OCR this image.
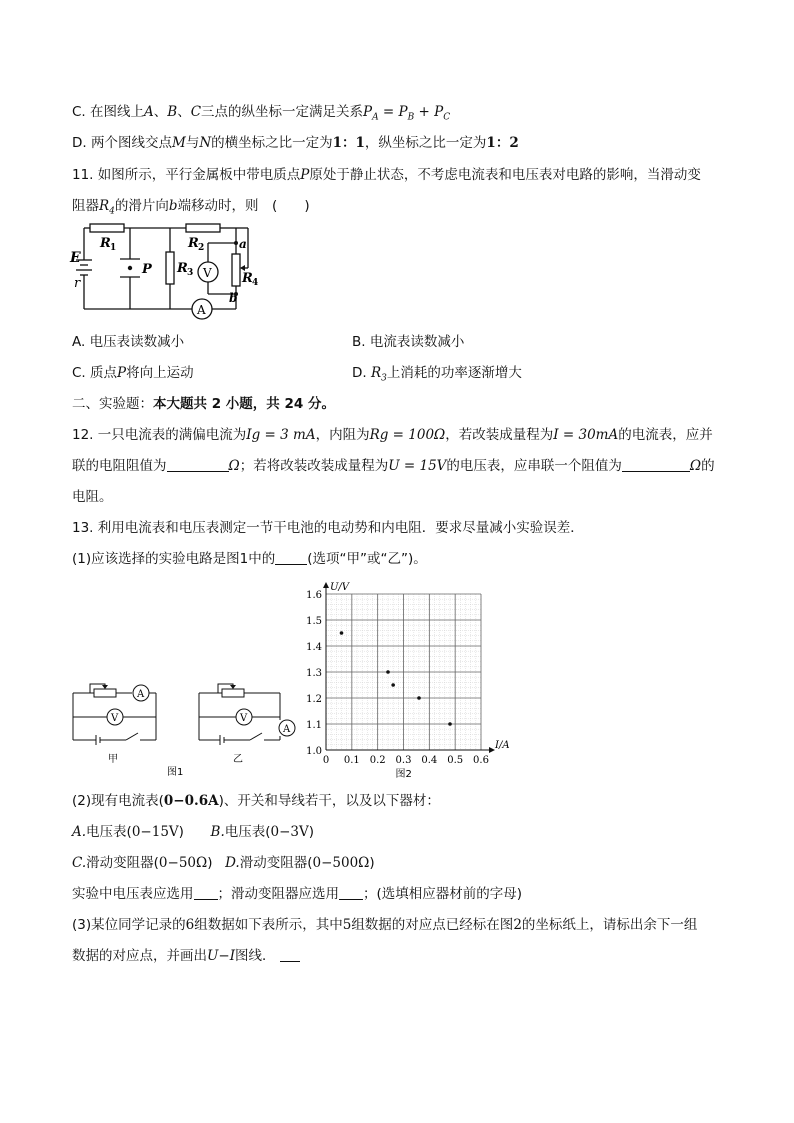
C. 在图线上A、B、C三点的纵坐标一定满足关系$P_A = P_B + P_C$
D. 两个图线交点M与N的横坐标之比一定为1：1，纵坐标之比一定为1：2
11. 如图所示，平行金属板中带电质点P原处于静止状态，不考虑电流表和电压表对电路的影响，当滑动变
阻器$R_4$的滑片向b端移动时，则　(　　)
E
r
R 1	R 2
R 3	R 4
P	V
A
a
b
A. 电压表读数减小	B. 电流表读数减小
C. 质点P将向上运动	D. $R_3$上消耗的功率逐渐增大
二、实验题：本大题共 2 小题，共 24 分。
12. 一只电流表的满偏电流为Ig = 3 mA，内阻为Rg = 100Ω，若改装成量程为I = 30mA的电流表，应并
联的电阻阻值为	Ω；若将改装改装成量程为U = 15V的电压表，应串联一个阻值为	Ω的
电阻。
13. 利用电流表和电压表测定一节干电池的电动势和内电阻．要求尽量减小实验误差．
(1)应该选择的实验电路是图1中的 (选项“甲”或“乙”)。
A
V	V
A
甲	乙
图1
0 0.1 0.2 0.3 0.4 0.5 0.6
1.0
1.1
1.2
1.3
1.4
1.5
1.6
I/A
U/V
图2
(2)现有电流表(0−0.6A)、开关和导线若干，以及以下器材：
A.电压表(0−15V) B.电压表(0−3V)
C.滑动变阻器(0−50Ω) D.滑动变阻器(0−500Ω)
实验中电压表应选用 ；滑动变阻器应选用 ；(选填相应器材前的字母)
(3)某位同学记录的6组数据如下表所示，其中5组数据的对应点已经标在图2的坐标纸上，请标出余下一组
数据的对应点，并画出U−I图线．
